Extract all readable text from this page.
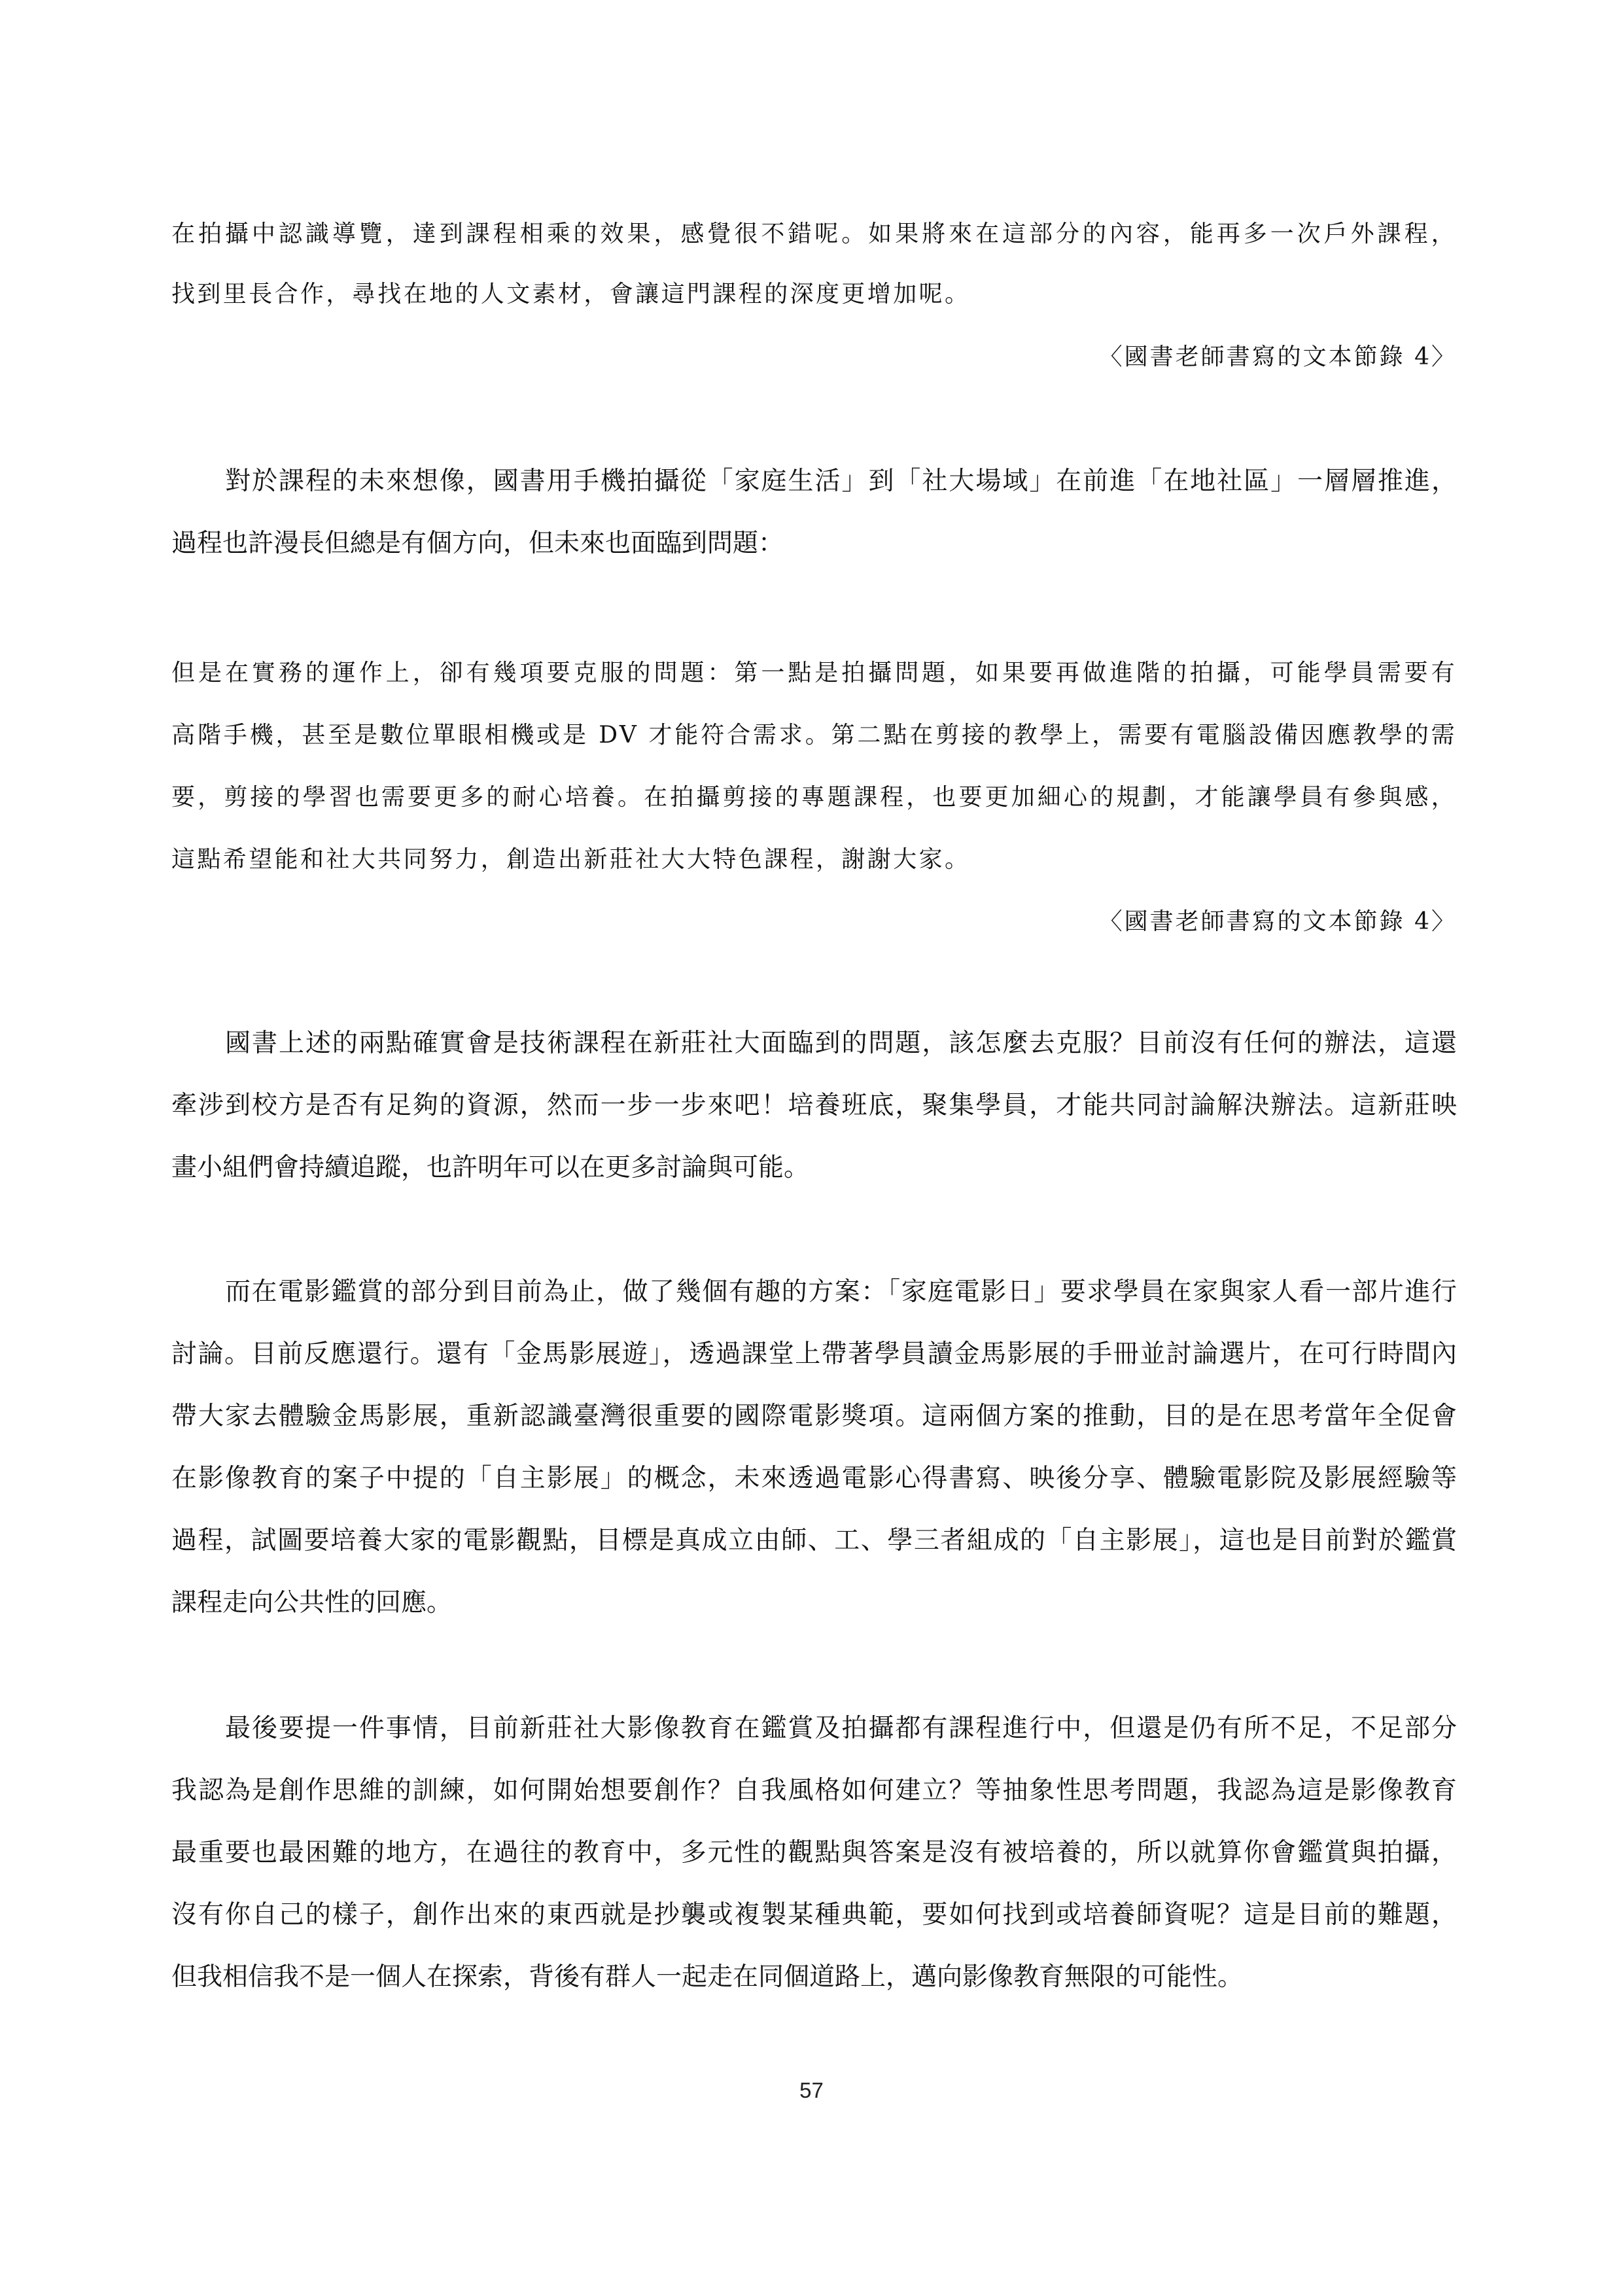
在拍攝中認識導覽，達到課程相乘的效果，感覺很不錯呢。如果將來在這部分的內容，能再多一次戶外課程，
找到里長合作，尋找在地的人文素材，會讓這門課程的深度更增加呢。
〈國書老師書寫的文本節錄 4〉
對於課程的未來想像，國書用手機拍攝從「家庭生活」到「社大場域」在前進「在地社區」一層層推進，
過程也許漫長但總是有個方向，但未來也面臨到問題：
但是在實務的運作上，卻有幾項要克服的問題：第一點是拍攝問題，如果要再做進階的拍攝，可能學員需要有
高階手機，甚至是數位單眼相機或是 DV 才能符合需求。第二點在剪接的教學上，需要有電腦設備因應教學的需
要，剪接的學習也需要更多的耐心培養。在拍攝剪接的專題課程，也要更加細心的規劃，才能讓學員有參與感，
這點希望能和社大共同努力，創造出新莊社大大特色課程，謝謝大家。
〈國書老師書寫的文本節錄 4〉
國書上述的兩點確實會是技術課程在新莊社大面臨到的問題，該怎麼去克服？目前沒有任何的辦法，這還
牽涉到校方是否有足夠的資源，然而一步一步來吧！培養班底，聚集學員，才能共同討論解決辦法。這新莊映
畫小組們會持續追蹤，也許明年可以在更多討論與可能。
而在電影鑑賞的部分到目前為止，做了幾個有趣的方案：「家庭電影日」要求學員在家與家人看一部片進行
討論。目前反應還行。還有「金馬影展遊」，透過課堂上帶著學員讀金馬影展的手冊並討論選片，在可行時間內
帶大家去體驗金馬影展，重新認識臺灣很重要的國際電影獎項。這兩個方案的推動，目的是在思考當年全促會
在影像教育的案子中提的「自主影展」的概念，未來透過電影心得書寫、映後分享、體驗電影院及影展經驗等
過程，試圖要培養大家的電影觀點，目標是真成立由師、工、學三者組成的「自主影展」，這也是目前對於鑑賞
課程走向公共性的回應。
最後要提一件事情，目前新莊社大影像教育在鑑賞及拍攝都有課程進行中，但還是仍有所不足，不足部分
我認為是創作思維的訓練，如何開始想要創作？自我風格如何建立？等抽象性思考問題，我認為這是影像教育
最重要也最困難的地方，在過往的教育中，多元性的觀點與答案是沒有被培養的，所以就算你會鑑賞與拍攝，
沒有你自己的樣子，創作出來的東西就是抄襲或複製某種典範，要如何找到或培養師資呢？這是目前的難題，
但我相信我不是一個人在探索，背後有群人一起走在同個道路上，邁向影像教育無限的可能性。
57
